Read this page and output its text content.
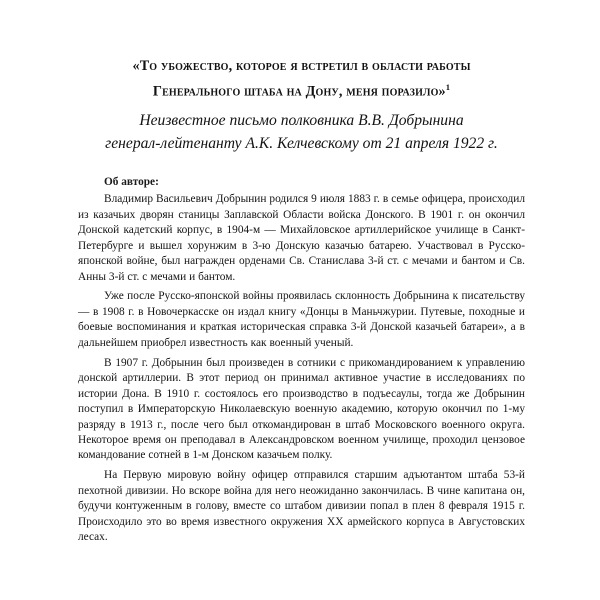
«То убожество, которое я встретил в области работы
Генерального штаба на Дону, меня поразило»$^1$
Неизвестное письмо полковника В.В. Добрынина
генерал-лейтенанту А.К. Келчевскому от 21 апреля 1922 г.
Об авторе:

Владимир Васильевич Добрынин родился 9 июля 1883 г. в семье офицера, происходил из казачьих дворян станицы Заплавской Области войска Донского. В 1901 г. он окончил Донской кадетский корпус, в 1904-м — Михайловское артиллерийское училище в Санкт-Петербурге и вышел хорунжим в 3-ю Донскую казачью батарею. Участвовал в Русско-японской войне, был награжден орденами Св. Станислава 3-й ст. с мечами и бантом и Св. Анны 3-й ст. с мечами и бантом.

Уже после Русско-японской войны проявилась склонность Добрынина к писательству — в 1908 г. в Новочеркасске он издал книгу «Донцы в Маньчжурии. Путевые, походные и боевые воспоминания и краткая историческая справка 3-й Донской казачьей батареи», а в дальнейшем приобрел известность как военный ученый.

В 1907 г. Добрынин был произведен в сотники с прикомандированием к управлению донской артиллерии. В этот период он принимал активное участие в исследованиях по истории Дона. В 1910 г. состоялось его производство в подъесаулы, тогда же Добрынин поступил в Императорскую Николаевскую военную академию, которую окончил по 1-му разряду в 1913 г., после чего был откомандирован в штаб Московского военного округа. Некоторое время он преподавал в Александровском военном училище, проходил цензовое командование сотней в 1-м Донском казачьем полку.

На Первую мировую войну офицер отправился старшим адъютантом штаба 53-й пехотной дивизии. Но вскоре война для него неожиданно закончилась. В чине капитана он, будучи контуженным в голову, вместе со штабом дивизии попал в плен 8 февраля 1915 г. Происходило это во время известного окружения XX армейского корпуса в Августовских лесах.
